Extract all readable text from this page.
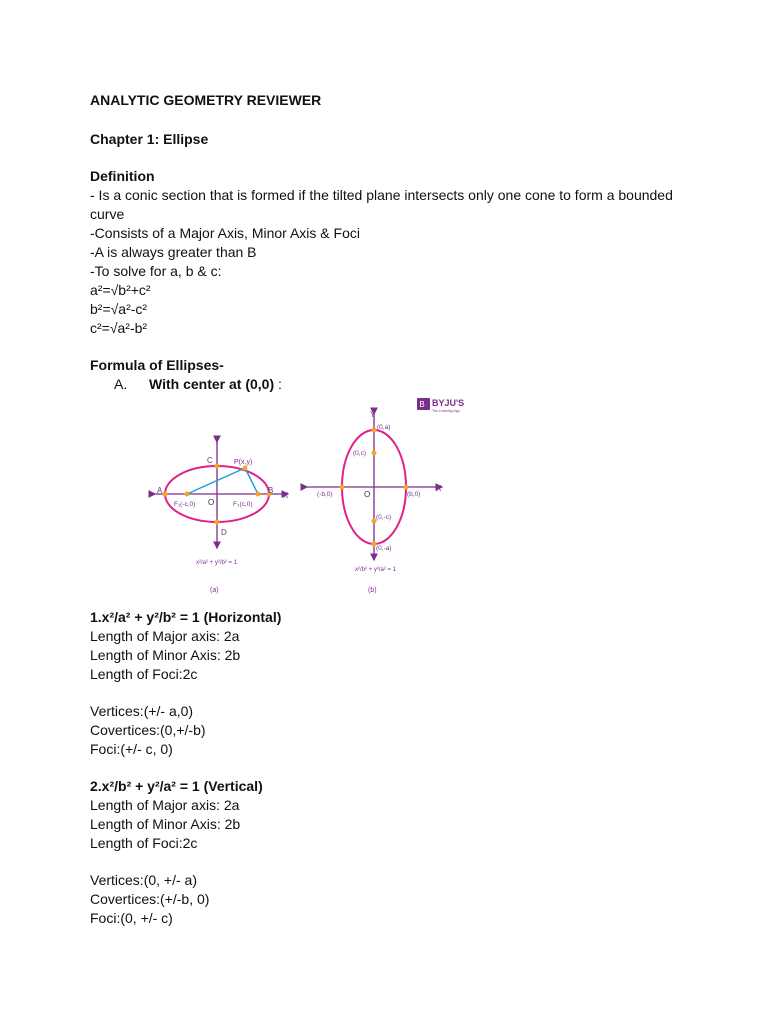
ANALYTIC GEOMETRY REVIEWER
Chapter 1: Ellipse
Definition
- Is a conic section that is formed if the tilted plane intersects only one cone to form a bounded curve
-Consists of a Major Axis, Minor Axis & Foci
-A is always greater than B
-To solve for a, b & c:
a²=√b²+c²
b²=√a²-c²
c²=√a²-b²
Formula of Ellipses-
A. With center at (0,0) :
B BYJU'S
The Learning App
Y
X
C	P(x,y)
A	B
O
F₁(-c,0)	F₂(c,0)
D
x²/a² + y²/b² = 1
(a)
Y
X
(0,a)
(0,c)
(-b,0)	O	(b,0)
(0,-c)
(0,-a)
x²/b² + y²/a² = 1
(b)
1.x²/a² + y²/b² = 1 (Horizontal)
Length of Major axis: 2a
Length of Minor Axis: 2b
Length of Foci:2c
Vertices:(+/- a,0)
Covertices:(0,+/-b)
Foci:(+/- c, 0)
2.x²/b² + y²/a² = 1 (Vertical)
Length of Major axis: 2a
Length of Minor Axis: 2b
Length of Foci:2c
Vertices:(0, +/- a)
Covertices:(+/-b, 0)
Foci:(0, +/- c)
